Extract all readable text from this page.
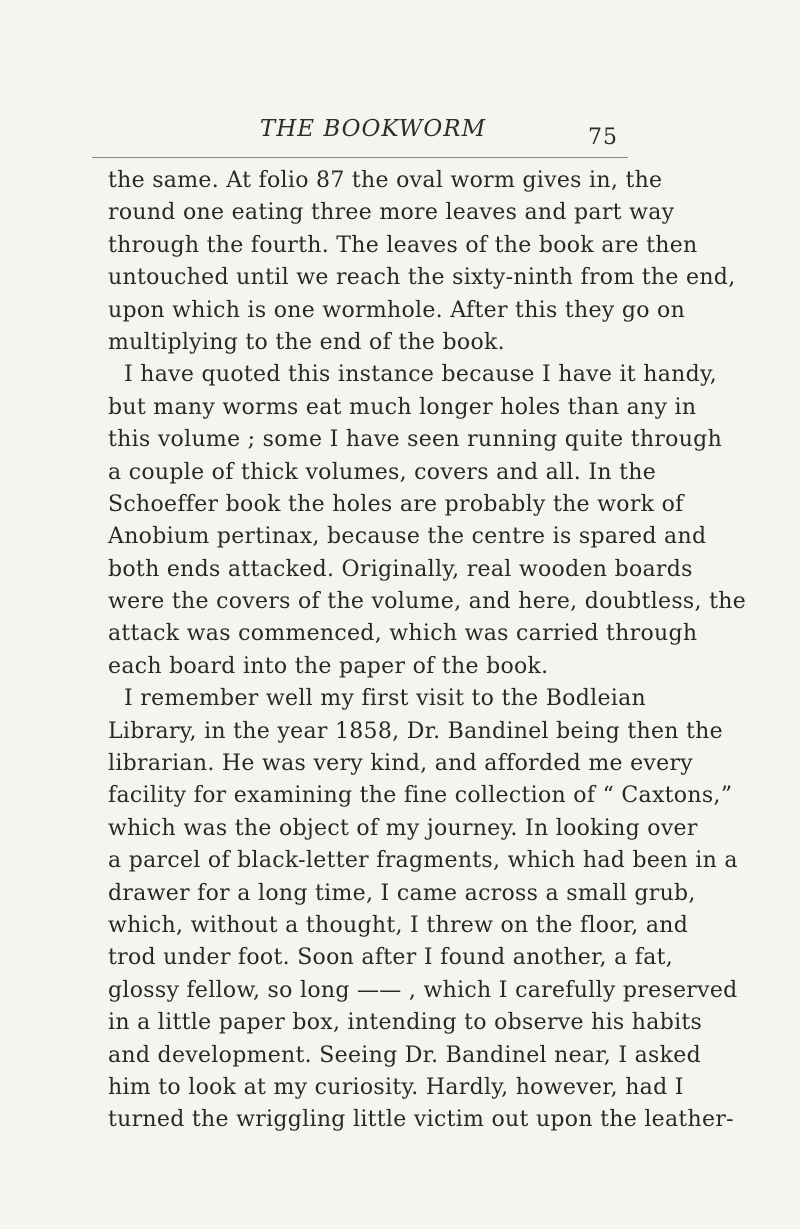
THE BOOKWORM	75
the same. At folio 87 the oval worm gives in, the
round one eating three more leaves and part way
through the fourth. The leaves of the book are then
untouched until we reach the sixty-ninth from the end,
upon which is one wormhole. After this they go on
multiplying to the end of the book.
I have quoted this instance because I have it handy,
but many worms eat much longer holes than any in
this volume ; some I have seen running quite through
a couple of thick volumes, covers and all. In the
Schoeffer book the holes are probably the work of
Anobium pertinax, because the centre is spared and
both ends attacked. Originally, real wooden boards
were the covers of the volume, and here, doubtless, the
attack was commenced, which was carried through
each board into the paper of the book.
I remember well my first visit to the Bodleian
Library, in the year 1858, Dr. Bandinel being then the
librarian. He was very kind, and afforded me every
facility for examining the fine collection of “ Caxtons,”
which was the object of my journey. In looking over
a parcel of black-letter fragments, which had been in a
drawer for a long time, I came across a small grub,
which, without a thought, I threw on the floor, and
trod under foot. Soon after I found another, a fat,
glossy fellow, so long —— , which I carefully preserved
in a little paper box, intending to observe his habits
and development. Seeing Dr. Bandinel near, I asked
him to look at my curiosity. Hardly, however, had I
turned the wriggling little victim out upon the leather-
